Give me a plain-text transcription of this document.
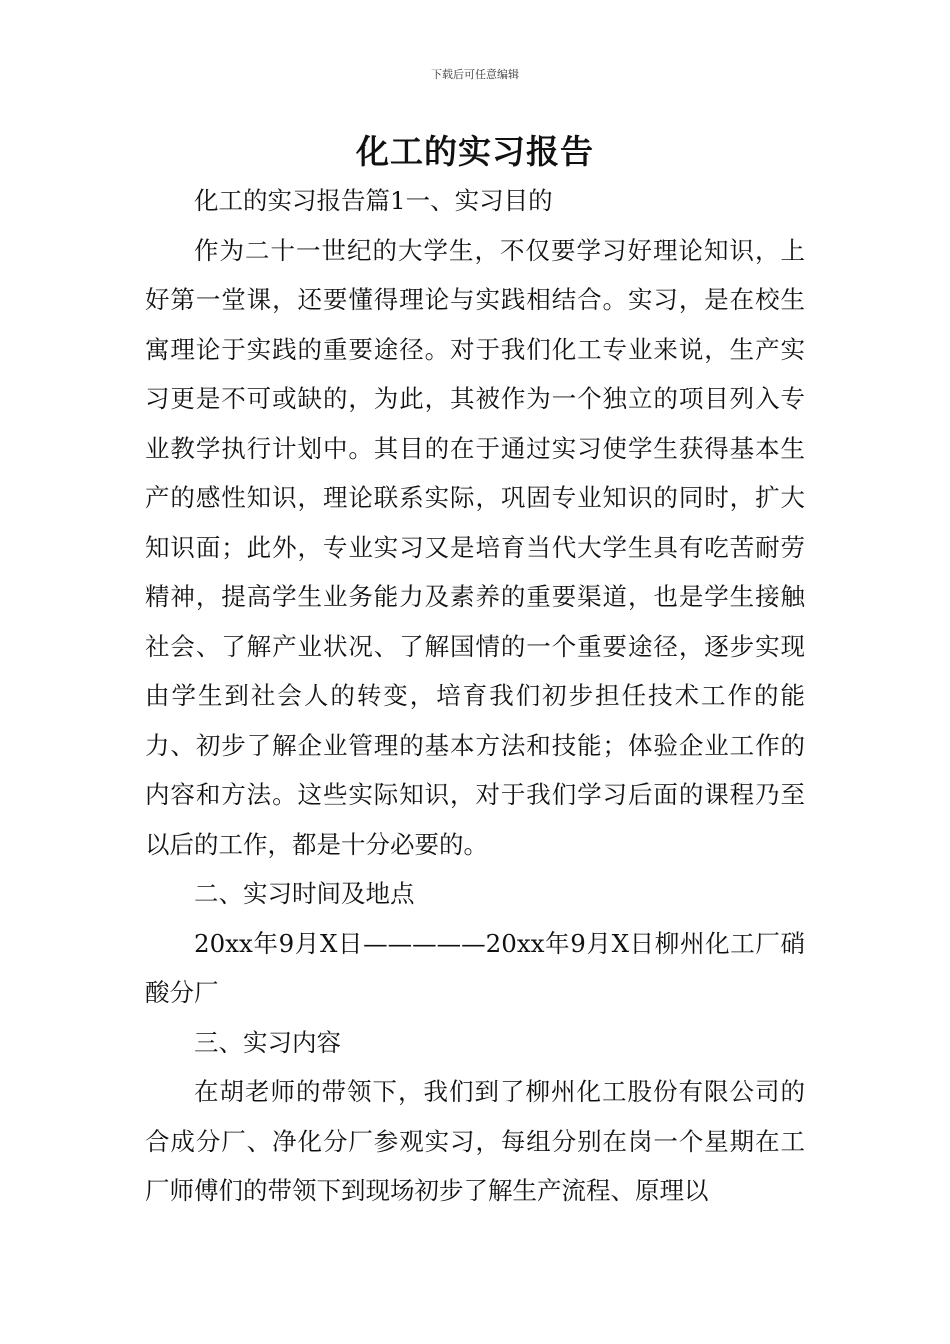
下载后可任意编辑
化工的实习报告

化工的实习报告篇1一、实习目的

作为二十一世纪的大学生，不仅要学习好理论知识，上好第一堂课，还要懂得理论与实践相结合。实习，是在校生寓理论于实践的重要途径。对于我们化工专业来说，生产实习更是不可或缺的，为此，其被作为一个独立的项目列入专业教学执行计划中。其目的在于通过实习使学生获得基本生产的感性知识，理论联系实际，巩固专业知识的同时，扩大知识面；此外，专业实习又是培育当代大学生具有吃苦耐劳精神，提高学生业务能力及素养的重要渠道，也是学生接触社会、了解产业状况、了解国情的一个重要途径，逐步实现由学生到社会人的转变，培育我们初步担任技术工作的能力、初步了解企业管理的基本方法和技能；体验企业工作的内容和方法。这些实际知识，对于我们学习后面的课程乃至以后的工作，都是十分必要的。

二、实习时间及地点

20xx年9月X日—————20xx年9月X日柳州化工厂硝酸分厂

三、实习内容

在胡老师的带领下，我们到了柳州化工股份有限公司的合成分厂、净化分厂参观实习，每组分别在岗一个星期在工厂师傅们的带领下到现场初步了解生产流程、原理以
